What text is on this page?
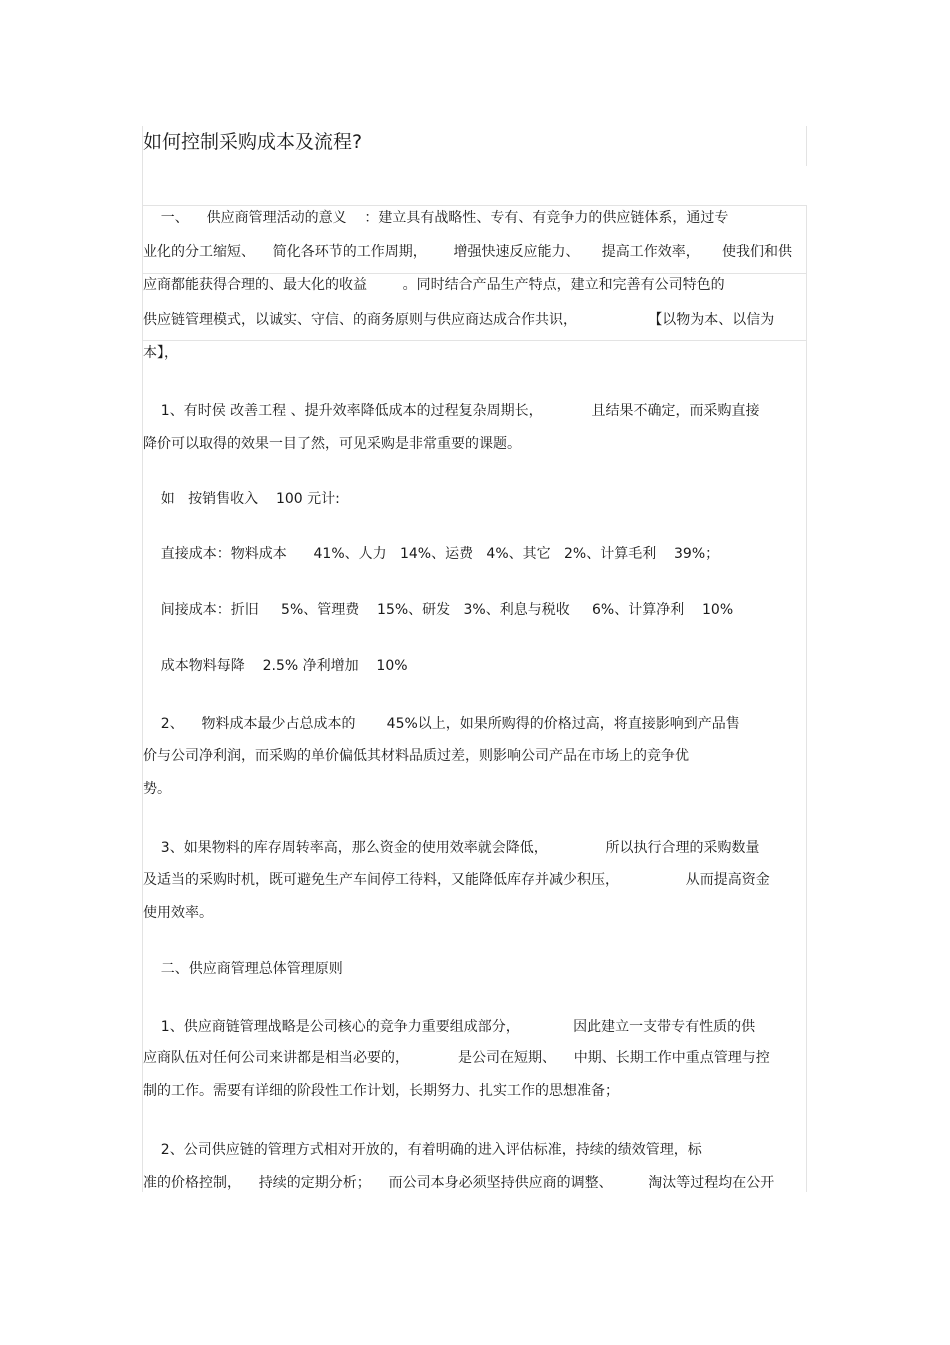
如何控制采购成本及流程?
一、    供应商管理活动的意义    ：建立具有战略性、专有、有竞争力的供应链体系，通过专
业化的分工缩短、    简化各环节的工作周期，      增强快速反应能力、     提高工作效率，     使我们和供
应商都能获得合理的、最大化的收益        。同时结合产品生产特点，建立和完善有公司特色的
供应链管理模式，以诚实、守信、的商务原则与供应商达成合作共识，                【以物为本、以信为
本】，
1、有时侯 改善工程 、提升效率降低成本的过程复杂周期长，           且结果不确定，而采购直接
降价可以取得的效果一目了然，可见采购是非常重要的课题。
如   按销售收入    100 元计:
直接成本：物料成本      41%、人力   14%、运费   4%、其它   2%、计算毛利    39%；
间接成本：折旧     5%、管理费    15%、研发   3%、利息与税收     6%、计算净利    10%
成本物料每降    2.5% 净利增加    10%
2、    物料成本最少占总成本的       45%以上，如果所购得的价格过高，将直接影响到产品售
价与公司净利润，而采购的单价偏低其材料品质过差，则影响公司产品在市场上的竞争优
势。
3、如果物料的库存周转率高，那么资金的使用效率就会降低，             所以执行合理的采购数量
及适当的采购时机，既可避免生产车间停工待料，又能降低库存并减少积压，               从而提高资金
使用效率。
二、供应商管理总体管理原则
1、供应商链管理战略是公司核心的竞争力重要组成部分，            因此建立一支带专有性质的供
应商队伍对任何公司来讲都是相当必要的，           是公司在短期、    中期、长期工作中重点管理与控
制的工作。需要有详细的阶段性工作计划，长期努力、扎实工作的思想准备；
2、公司供应链的管理方式相对开放的，有着明确的进入评估标准，持续的绩效管理，标
准的价格控制，    持续的定期分析；    而公司本身必须坚持供应商的调整、        淘汰等过程均在公开
